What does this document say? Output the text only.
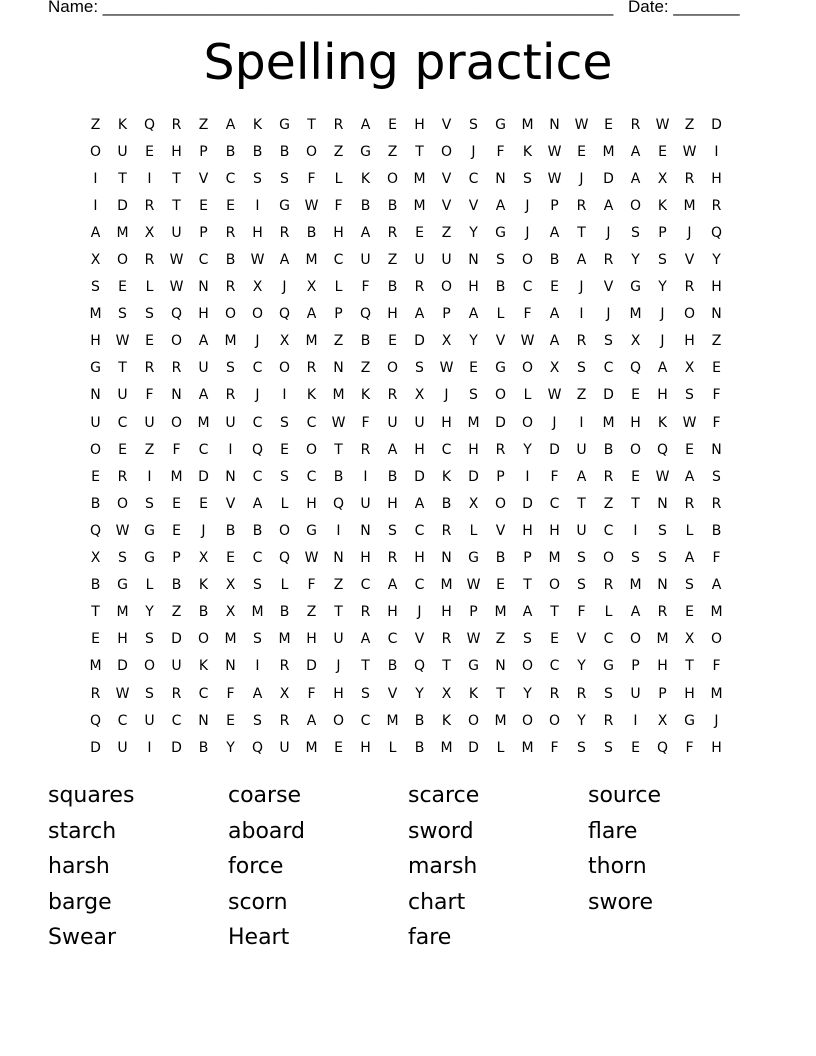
Name: ______________________________________________________ Date: _______
Spelling practice
Z	K	Q	R	Z	A	K	G	T	R	A	E	H	V	S	G	M	N	W	E	R	W	Z	D
O	U	E	H	P	B	B	B	O	Z	G	Z	T	O	J	F	K	W	E	M	A	E	W	I
I	T	I	T	V	C	S	S	F	L	K	O	M	V	C	N	S	W	J	D	A	X	R	H
I	D	R	T	E	E	I	G	W	F	B	B	M	V	V	A	J	P	R	A	O	K	M	R
A	M	X	U	P	R	H	R	B	H	A	R	E	Z	Y	G	J	A	T	J	S	P	J	Q
X	O	R	W	C	B	W	A	M	C	U	Z	U	U	N	S	O	B	A	R	Y	S	V	Y
S	E	L	W	N	R	X	J	X	L	F	B	R	O	H	B	C	E	J	V	G	Y	R	H
M	S	S	Q	H	O	O	Q	A	P	Q	H	A	P	A	L	F	A	I	J	M	J	O	N
H	W	E	O	A	M	J	X	M	Z	B	E	D	X	Y	V	W	A	R	S	X	J	H	Z
G	T	R	R	U	S	C	O	R	N	Z	O	S	W	E	G	O	X	S	C	Q	A	X	E
N	U	F	N	A	R	J	I	K	M	K	R	X	J	S	O	L	W	Z	D	E	H	S	F
U	C	U	O	M	U	C	S	C	W	F	U	U	H	M	D	O	J	I	M	H	K	W	F
O	E	Z	F	C	I	Q	E	O	T	R	A	H	C	H	R	Y	D	U	B	O	Q	E	N
E	R	I	M	D	N	C	S	C	B	I	B	D	K	D	P	I	F	A	R	E	W	A	S
B	O	S	E	E	V	A	L	H	Q	U	H	A	B	X	O	D	C	T	Z	T	N	R	R
Q	W	G	E	J	B	B	O	G	I	N	S	C	R	L	V	H	H	U	C	I	S	L	B
X	S	G	P	X	E	C	Q	W	N	H	R	H	N	G	B	P	M	S	O	S	S	A	F
B	G	L	B	K	X	S	L	F	Z	C	A	C	M	W	E	T	O	S	R	M	N	S	A
T	M	Y	Z	B	X	M	B	Z	T	R	H	J	H	P	M	A	T	F	L	A	R	E	M
E	H	S	D	O	M	S	M	H	U	A	C	V	R	W	Z	S	E	V	C	O	M	X	O
M	D	O	U	K	N	I	R	D	J	T	B	Q	T	G	N	O	C	Y	G	P	H	T	F
R	W	S	R	C	F	A	X	F	H	S	V	Y	X	K	T	Y	R	R	S	U	P	H	M
Q	C	U	C	N	E	S	R	A	O	C	M	B	K	O	M	O	O	Y	R	I	X	G	J
D	U	I	D	B	Y	Q	U	M	E	H	L	B	M	D	L	M	F	S	S	E	Q	F	H
squares	coarse	scarce	source
starch	aboard	sword	flare
harsh	force	marsh	thorn
barge	scorn	chart	swore
Swear	Heart	fare
